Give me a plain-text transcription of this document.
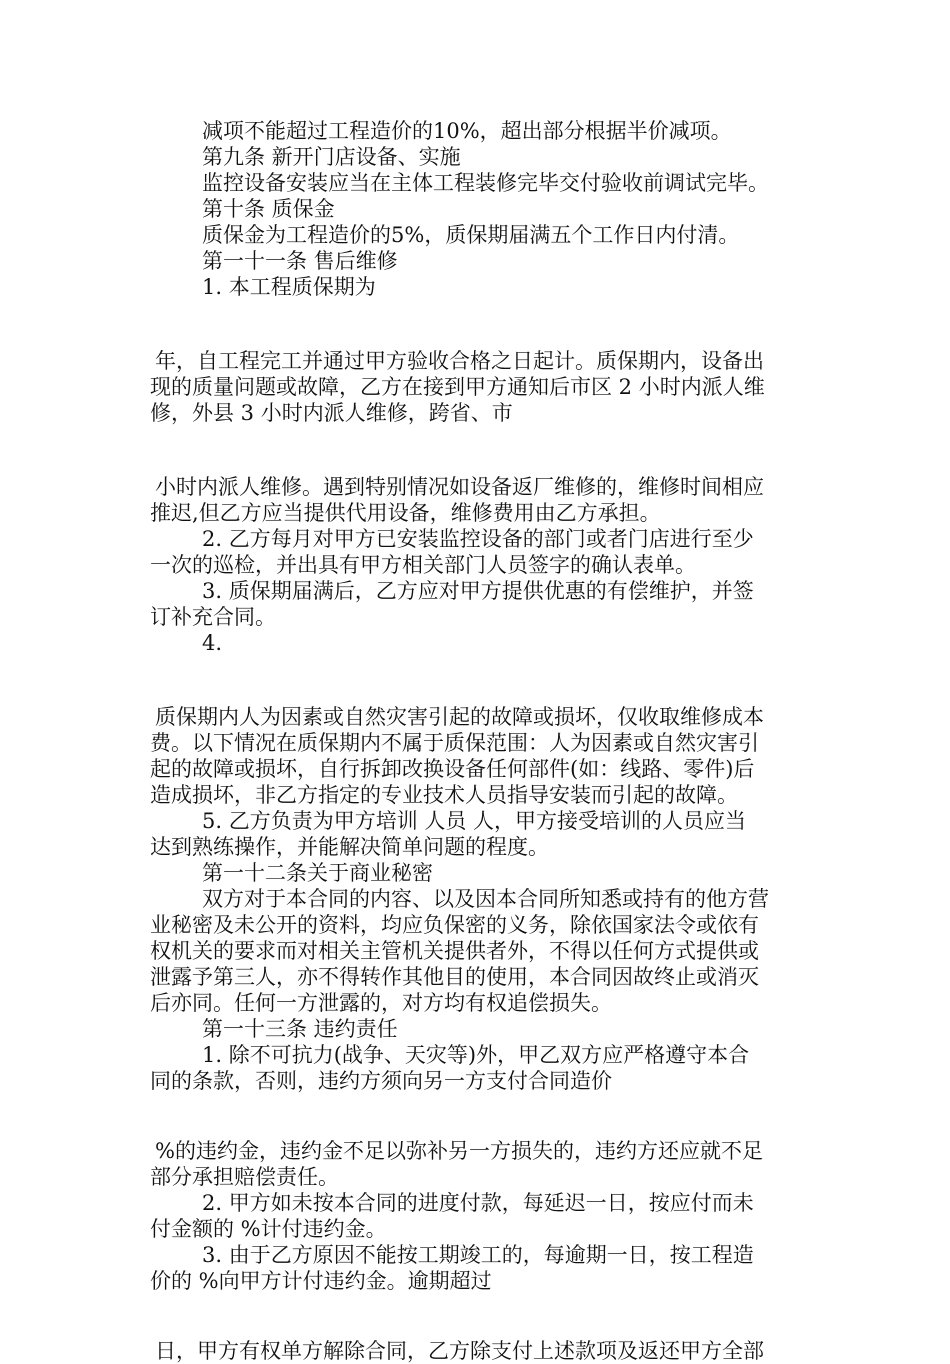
减项不能超过工程造价的10%，超出部分根据半价减项。
第九条 新开门店设备、实施
监控设备安装应当在主体工程装修完毕交付验收前调试完毕。
第十条 质保金
质保金为工程造价的5%，质保期届满五个工作日内付清。
第一十一条 售后维修
1. 本工程质保期为
年，自工程完工并通过甲方验收合格之日起计。质保期内，设备出
现的质量问题或故障，乙方在接到甲方通知后市区 2 小时内派人维
修，外县 3 小时内派人维修，跨省、市
小时内派人维修。遇到特别情况如设备返厂维修的，维修时间相应
推迟,但乙方应当提供代用设备，维修费用由乙方承担。
2. 乙方每月对甲方已安装监控设备的部门或者门店进行至少
一次的巡检，并出具有甲方相关部门人员签字的确认表单。
3. 质保期届满后，乙方应对甲方提供优惠的有偿维护，并签
订补充合同。
4.
质保期内人为因素或自然灾害引起的故障或损坏，仅收取维修成本
费。以下情况在质保期内不属于质保范围：人为因素或自然灾害引
起的故障或损坏，自行拆卸改换设备任何部件(如：线路、零件)后
造成损坏，非乙方指定的专业技术人员指导安装而引起的故障。
5. 乙方负责为甲方培训 人员 人，甲方接受培训的人员应当
达到熟练操作，并能解决简单问题的程度。
第一十二条关于商业秘密
双方对于本合同的内容、以及因本合同所知悉或持有的他方营
业秘密及未公开的资料，均应负保密的义务，除依国家法令或依有
权机关的要求而对相关主管机关提供者外，不得以任何方式提供或
泄露予第三人，亦不得转作其他目的使用，本合同因故终止或消灭
后亦同。任何一方泄露的，对方均有权追偿损失。
第一十三条 违约责任
1. 除不可抗力(战争、天灾等)外，甲乙双方应严格遵守本合
同的条款，否则，违约方须向另一方支付合同造价
%的违约金，违约金不足以弥补另一方损失的，违约方还应就不足
部分承担赔偿责任。
2. 甲方如未按本合同的进度付款，每延迟一日，按应付而未
付金额的 %计付违约金。
3. 由于乙方原因不能按工期竣工的，每逾期一日，按工程造
价的 %向甲方计付违约金。逾期超过
日，甲方有权单方解除合同，乙方除支付上述款项及返还甲方全部
